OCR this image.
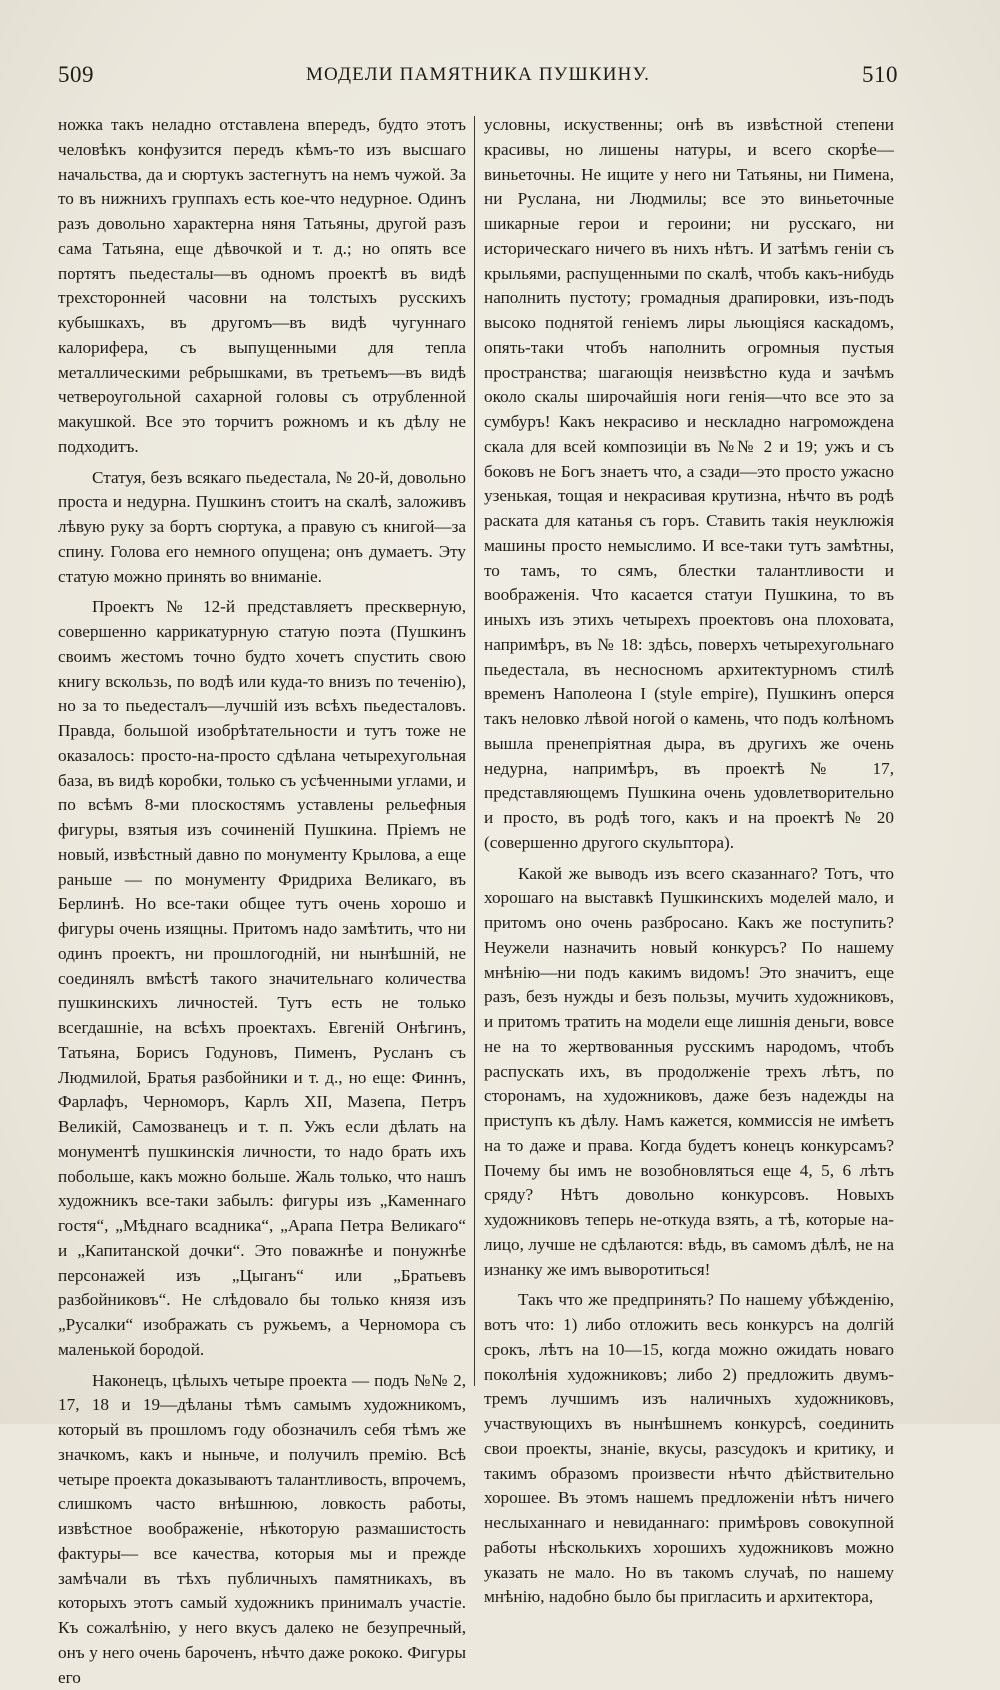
509	МОДЕЛИ ПАМЯТНИКА ПУШКИНУ.	510

ножка такъ неладно отставлена впередъ, будто этотъ человѣкъ конфузится передъ кѣмъ-то изъ высшаго начальства, да и сюртукъ застегнутъ на немъ чужой. За то въ нижнихъ группахъ есть кое-что недурное. Одинъ разъ довольно характерна няня Татьяны, другой разъ сама Татьяна, еще дѣвочкой и т. д.; но опять все портятъ пьедесталы—въ одномъ проектѣ въ видѣ трехсторонней часовни на толстыхъ русскихъ кубышкахъ, въ другомъ—въ видѣ чугуннаго калорифера, съ выпущенными для тепла металлическими ребрышками, въ третьемъ—въ видѣ четвероугольной сахарной головы съ отрубленной макушкой. Все это торчитъ рожномъ и къ дѣлу не подходитъ.

Статуя, безъ всякаго пьедестала, № 20-й, довольно проста и недурна. Пушкинъ стоитъ на скалѣ, заложивъ лѣвую руку за бортъ сюртука, а правую съ книгой—за спину. Голова его немного опущена; онъ думаетъ. Эту статую можно принять во вниманіе.

Проектъ № 12-й представляетъ прескверную, совершенно каррикатурную статую поэта (Пушкинъ своимъ жестомъ точно будто хочетъ спустить свою книгу вскользь, по водѣ или куда-то внизъ по теченію), но за то пьедесталъ—лучшій изъ всѣхъ пьедесталовъ. Правда, большой изобрѣтательности и тутъ тоже не оказалось: просто-на-просто сдѣлана четырехугольная база, въ видѣ коробки, только съ усѣченными углами, и по всѣмъ 8-ми плоскостямъ уставлены рельефныя фигуры, взятыя изъ сочиненій Пушкина. Пріемъ не новый, извѣстный давно по монументу Крылова, а еще раньше — по монументу Фридриха Великаго, въ Берлинѣ. Но все-таки общее тутъ очень хорошо и фигуры очень изящны. Притомъ надо замѣтить, что ни одинъ проектъ, ни прошлогодній, ни нынѣшній, не соединялъ вмѣстѣ такого значительнаго количества пушкинскихъ личностей. Тутъ есть не только всегдашніе, на всѣхъ проектахъ. Евгеній Онѣгинъ, Татьяна, Борисъ Годуновъ, Пименъ, Русланъ съ Людмилой, Братья разбойники и т. д., но еще: Финнъ, Фарлафъ, Черноморъ, Карлъ XII, Мазепа, Петръ Великій, Самозванецъ и т. п. Ужъ если дѣлать на монументѣ пушкинскія личности, то надо брать ихъ побольше, какъ можно больше. Жаль только, что нашъ художникъ все-таки забылъ: фигуры изъ „Каменнаго гостя“, „Мѣднаго всадника“, „Арапа Петра Великаго“ и „Капитанской дочки“. Это поважнѣе и понужнѣе персонажей изъ „Цыганъ“ или „Братьевъ разбойниковъ“. Не слѣдовало бы только князя изъ „Русалки“ изображать съ ружьемъ, а Черномора съ маленькой бородой.

Наконецъ, цѣлыхъ четыре проекта — подъ №№ 2, 17, 18 и 19—дѣланы тѣмъ самымъ художникомъ, который въ прошломъ году обозначилъ себя тѣмъ же значкомъ, какъ и ныньче, и получилъ премію. Всѣ четыре проекта доказываютъ талантливость, впрочемъ, слишкомъ часто внѣшнюю, ловкость работы, извѣстное воображеніе, нѣкоторую размашистость фактуры— все качества, которыя мы и прежде замѣчали въ тѣхъ публичныхъ памятникахъ, въ которыхъ этотъ самый художникъ принималъ участіе. Къ сожалѣнію, у него вкусъ далеко не безупречный, онъ у него очень бароченъ, нѣчто даже рококо. Фигуры его

условны, искуственны; онѣ въ извѣстной степени красивы, но лишены натуры, и всего скорѣе—виньеточны. Не ищите у него ни Татьяны, ни Пимена, ни Руслана, ни Людмилы; все это виньеточные шикарные герои и героини; ни русскаго, ни историческаго ничего въ нихъ нѣтъ. И затѣмъ геніи съ крыльями, распущенными по скалѣ, чтобъ какъ-нибудь наполнить пустоту; громадныя драпировки, изъ-подъ высоко поднятой геніемъ лиры льющіяся каскадомъ, опять-таки чтобъ наполнить огромныя пустыя пространства; шагающія неизвѣстно куда и зачѣмъ около скалы широчайшія ноги генія—что все это за сумбуръ! Какъ некрасиво и нескладно нагромождена скала для всей композиціи въ №№ 2 и 19; ужъ и съ боковъ не Богъ знаетъ что, а сзади—это просто ужасно узенькая, тощая и некрасивая крутизна, нѣчто въ родѣ раската для катанья съ горъ. Ставить такія неуклюжія машины просто немыслимо. И все-таки тутъ замѣтны, то тамъ, то сямъ, блестки талантливости и воображенія. Что касается статуи Пушкина, то въ иныхъ изъ этихъ четырехъ проектовъ она плоховата, напримѣръ, въ № 18: здѣсь, поверхъ четырехугольнаго пьедестала, въ несносномъ архитектурномъ стилѣ временъ Наполеона I (style empire), Пушкинъ оперся такъ неловко лѣвой ногой о камень, что подъ колѣномъ вышла пренепріятная дыра, въ другихъ же очень недурна, напримѣръ, въ проектѣ № 17, представляющемъ Пушкина очень удовлетворительно и просто, въ родѣ того, какъ и на проектѣ № 20 (совершенно другого скульптора).

Какой же выводъ изъ всего сказаннаго? Тотъ, что хорошаго на выставкѣ Пушкинскихъ моделей мало, и притомъ оно очень разбросано. Какъ же поступить? Неужели назначить новый конкурсъ? По нашему мнѣнію—ни подъ какимъ видомъ! Это значитъ, еще разъ, безъ нужды и безъ пользы, мучить художниковъ, и притомъ тратить на модели еще лишнія деньги, вовсе не на то жертвованныя русскимъ народомъ, чтобъ распускать ихъ, въ продолженіе трехъ лѣтъ, по сторонамъ, на художниковъ, даже безъ надежды на приступъ къ дѣлу. Намъ кажется, коммиссія не имѣетъ на то даже и права. Когда будетъ конецъ конкурсамъ? Почему бы имъ не возобновляться еще 4, 5, 6 лѣтъ сряду? Нѣтъ довольно конкурсовъ. Новыхъ художниковъ теперь не-откуда взять, а тѣ, которые на-лицо, лучше не сдѣлаются: вѣдь, въ самомъ дѣлѣ, не на изнанку же имъ выворотиться!

Такъ что же предпринять? По нашему убѣжденію, вотъ что: 1) либо отложить весь конкурсъ на долгій срокъ, лѣтъ на 10—15, когда можно ожидать новаго поколѣнія художниковъ; либо 2) предложить двумъ-тремъ лучшимъ изъ наличныхъ художниковъ, участвующихъ въ нынѣшнемъ конкурсѣ, соединить свои проекты, знаніе, вкусы, разсудокъ и критику, и такимъ образомъ произвести нѣчто дѣйствительно хорошее. Въ этомъ нашемъ предложеніи нѣтъ ничего неслыханнаго и невиданнаго: примѣровъ совокупной работы нѣсколькихъ хорошихъ художниковъ можно указать не мало. Но въ такомъ случаѣ, по нашему мнѣнію, надобно было бы пригласить и архитектора,
